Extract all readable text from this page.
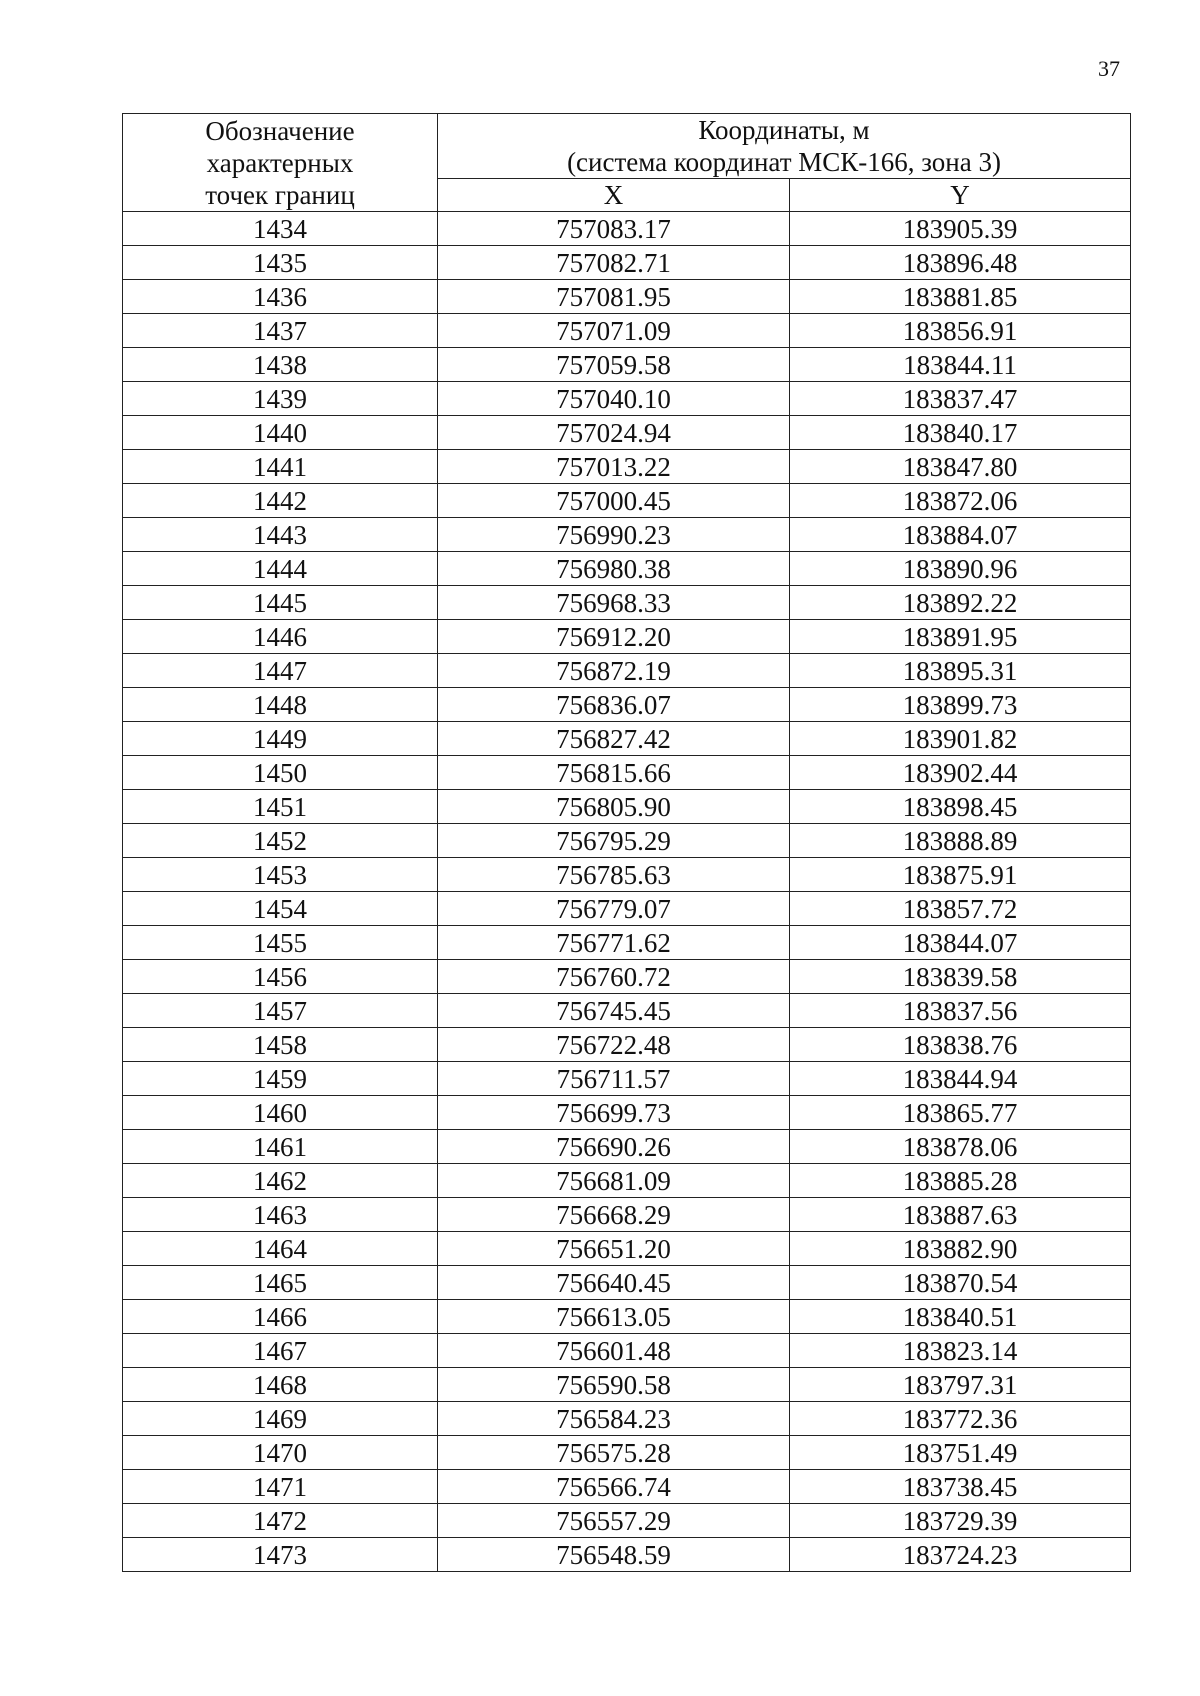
37
Обозначение
характерных
точек границ	Координаты, м
(система координат МСК-166, зона 3)	

	X	Y
1434	757083.17	183905.39
1435	757082.71	183896.48
1436	757081.95	183881.85
1437	757071.09	183856.91
1438	757059.58	183844.11
1439	757040.10	183837.47
1440	757024.94	183840.17
1441	757013.22	183847.80
1442	757000.45	183872.06
1443	756990.23	183884.07
1444	756980.38	183890.96
1445	756968.33	183892.22
1446	756912.20	183891.95
1447	756872.19	183895.31
1448	756836.07	183899.73
1449	756827.42	183901.82
1450	756815.66	183902.44
1451	756805.90	183898.45
1452	756795.29	183888.89
1453	756785.63	183875.91
1454	756779.07	183857.72
1455	756771.62	183844.07
1456	756760.72	183839.58
1457	756745.45	183837.56
1458	756722.48	183838.76
1459	756711.57	183844.94
1460	756699.73	183865.77
1461	756690.26	183878.06
1462	756681.09	183885.28
1463	756668.29	183887.63
1464	756651.20	183882.90
1465	756640.45	183870.54
1466	756613.05	183840.51
1467	756601.48	183823.14
1468	756590.58	183797.31
1469	756584.23	183772.36
1470	756575.28	183751.49
1471	756566.74	183738.45
1472	756557.29	183729.39
1473	756548.59	183724.23
